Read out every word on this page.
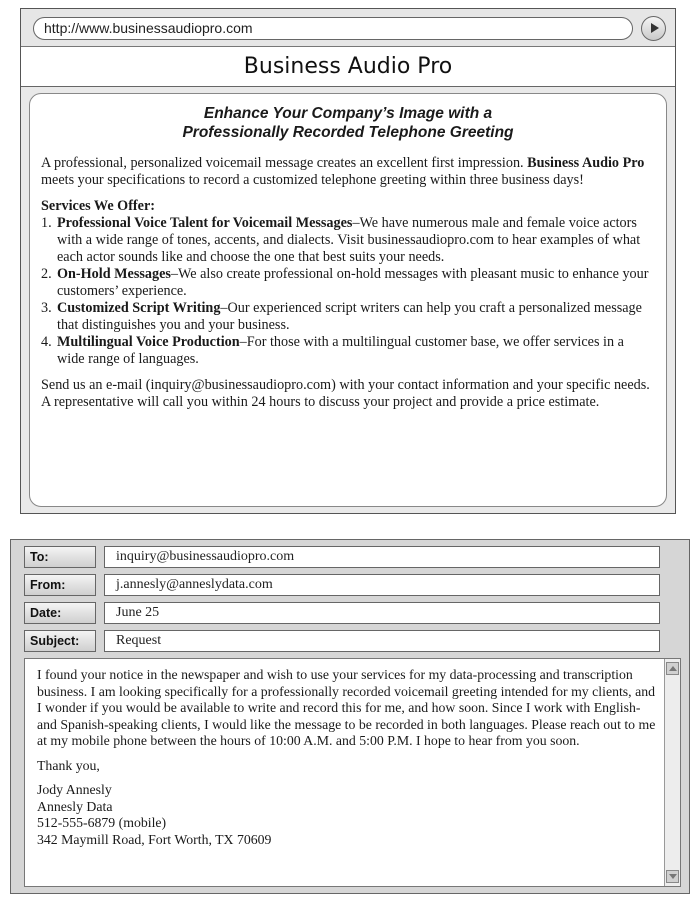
http://www.businessaudiopro.com
Business Audio Pro
Enhance Your Company’s Image with a
Professionally Recorded Telephone Greeting

A professional, personalized voicemail message creates an excellent first impression. Business Audio Pro meets your specifications to record a customized telephone greeting within three business days!

Services We Offer:
1. Professional Voice Talent for Voicemail Messages–We have numerous male and female voice actors with a wide range of tones, accents, and dialects. Visit businessaudiopro.com to hear examples of what each actor sounds like and choose the one that best suits your needs.
2. On-Hold Messages–We also create professional on-hold messages with pleasant music to enhance your customers’ experience.
3. Customized Script Writing–Our experienced script writers can help you craft a personalized message that distinguishes you and your business.
4. Multilingual Voice Production–For those with a multilingual customer base, we offer services in a wide range of languages.

Send us an e-mail (inquiry@businessaudiopro.com) with your contact information and your specific needs. A representative will call you within 24 hours to discuss your project and provide a price estimate.

To:	inquiry@businessaudiopro.com
From:	j.annesly@anneslydata.com
Date:	June 25
Subject:	Request

I found your notice in the newspaper and wish to use your services for my data-processing and transcription business. I am looking specifically for a professionally recorded voicemail greeting intended for my clients, and I wonder if you would be available to write and record this for me, and how soon. Since I work with English- and Spanish-speaking clients, I would like the message to be recorded in both languages. Please reach out to me at my mobile phone between the hours of 10:00 A.M. and 5:00 P.M. I hope to hear from you soon.

Thank you,

Jody Annesly

Annesly Data

512-555-6879 (mobile)

342 Maymill Road, Fort Worth, TX 70609
